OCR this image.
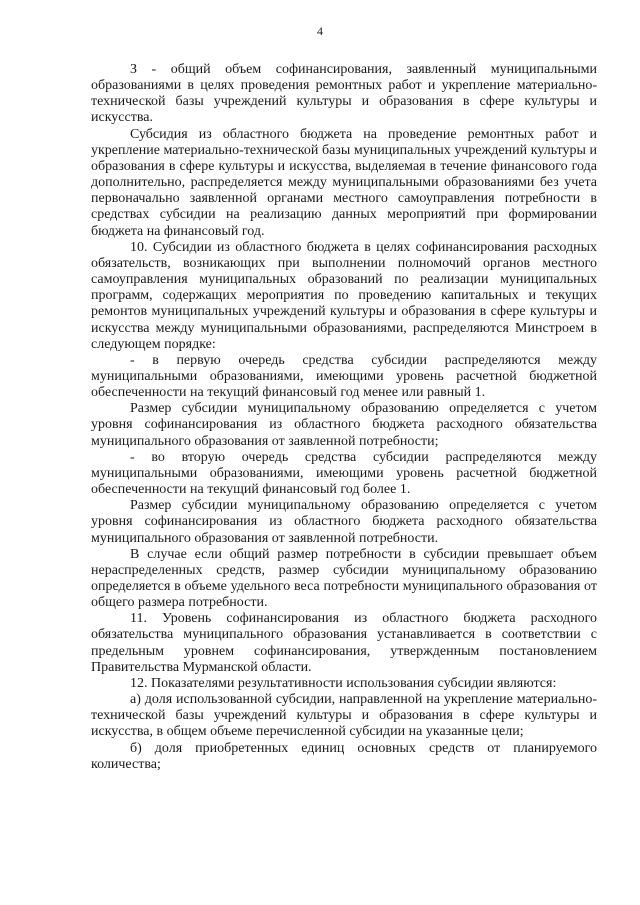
4

З - общий объем софинансирования, заявленный муниципальными образованиями в целях проведения ремонтных работ и укрепление материально-технической базы учреждений культуры и образования в сфере культуры и искусства.

Субсидия из областного бюджета на проведение ремонтных работ и укрепление материально-технической базы муниципальных учреждений культуры и образования в сфере культуры и искусства, выделяемая в течение финансового года дополнительно, распределяется между муниципальными образованиями без учета первоначально заявленной органами местного самоуправления потребности в средствах субсидии на реализацию данных мероприятий при формировании бюджета на финансовый год.

10. Субсидии из областного бюджета в целях софинансирования расходных обязательств, возникающих при выполнении полномочий органов местного самоуправления муниципальных образований по реализации муниципальных программ, содержащих мероприятия по проведению капитальных и текущих ремонтов муниципальных учреждений культуры и образования в сфере культуры и искусства между муниципальными образованиями, распределяются Минстроем в следующем порядке:

- в первую очередь средства субсидии распределяются между муниципальными образованиями, имеющими уровень расчетной бюджетной обеспеченности на текущий финансовый год менее или равный 1.

Размер субсидии муниципальному образованию определяется с учетом уровня софинансирования из областного бюджета расходного обязательства муниципального образования от заявленной потребности;

- во вторую очередь средства субсидии распределяются между муниципальными образованиями, имеющими уровень расчетной бюджетной обеспеченности на текущий финансовый год более 1.

Размер субсидии муниципальному образованию определяется с учетом уровня софинансирования из областного бюджета расходного обязательства муниципального образования от заявленной потребности.

В случае если общий размер потребности в субсидии превышает объем нераспределенных средств, размер субсидии муниципальному образованию определяется в объеме удельного веса потребности муниципального образования от общего размера потребности.

11. Уровень софинансирования из областного бюджета расходного обязательства муниципального образования устанавливается в соответствии с предельным уровнем софинансирования, утвержденным постановлением Правительства Мурманской области.

12. Показателями результативности использования субсидии являются:

а) доля использованной субсидии, направленной на укрепление материально-технической базы учреждений культуры и образования в сфере культуры и искусства, в общем объеме перечисленной субсидии на указанные цели;

б) доля приобретенных единиц основных средств от планируемого количества;
